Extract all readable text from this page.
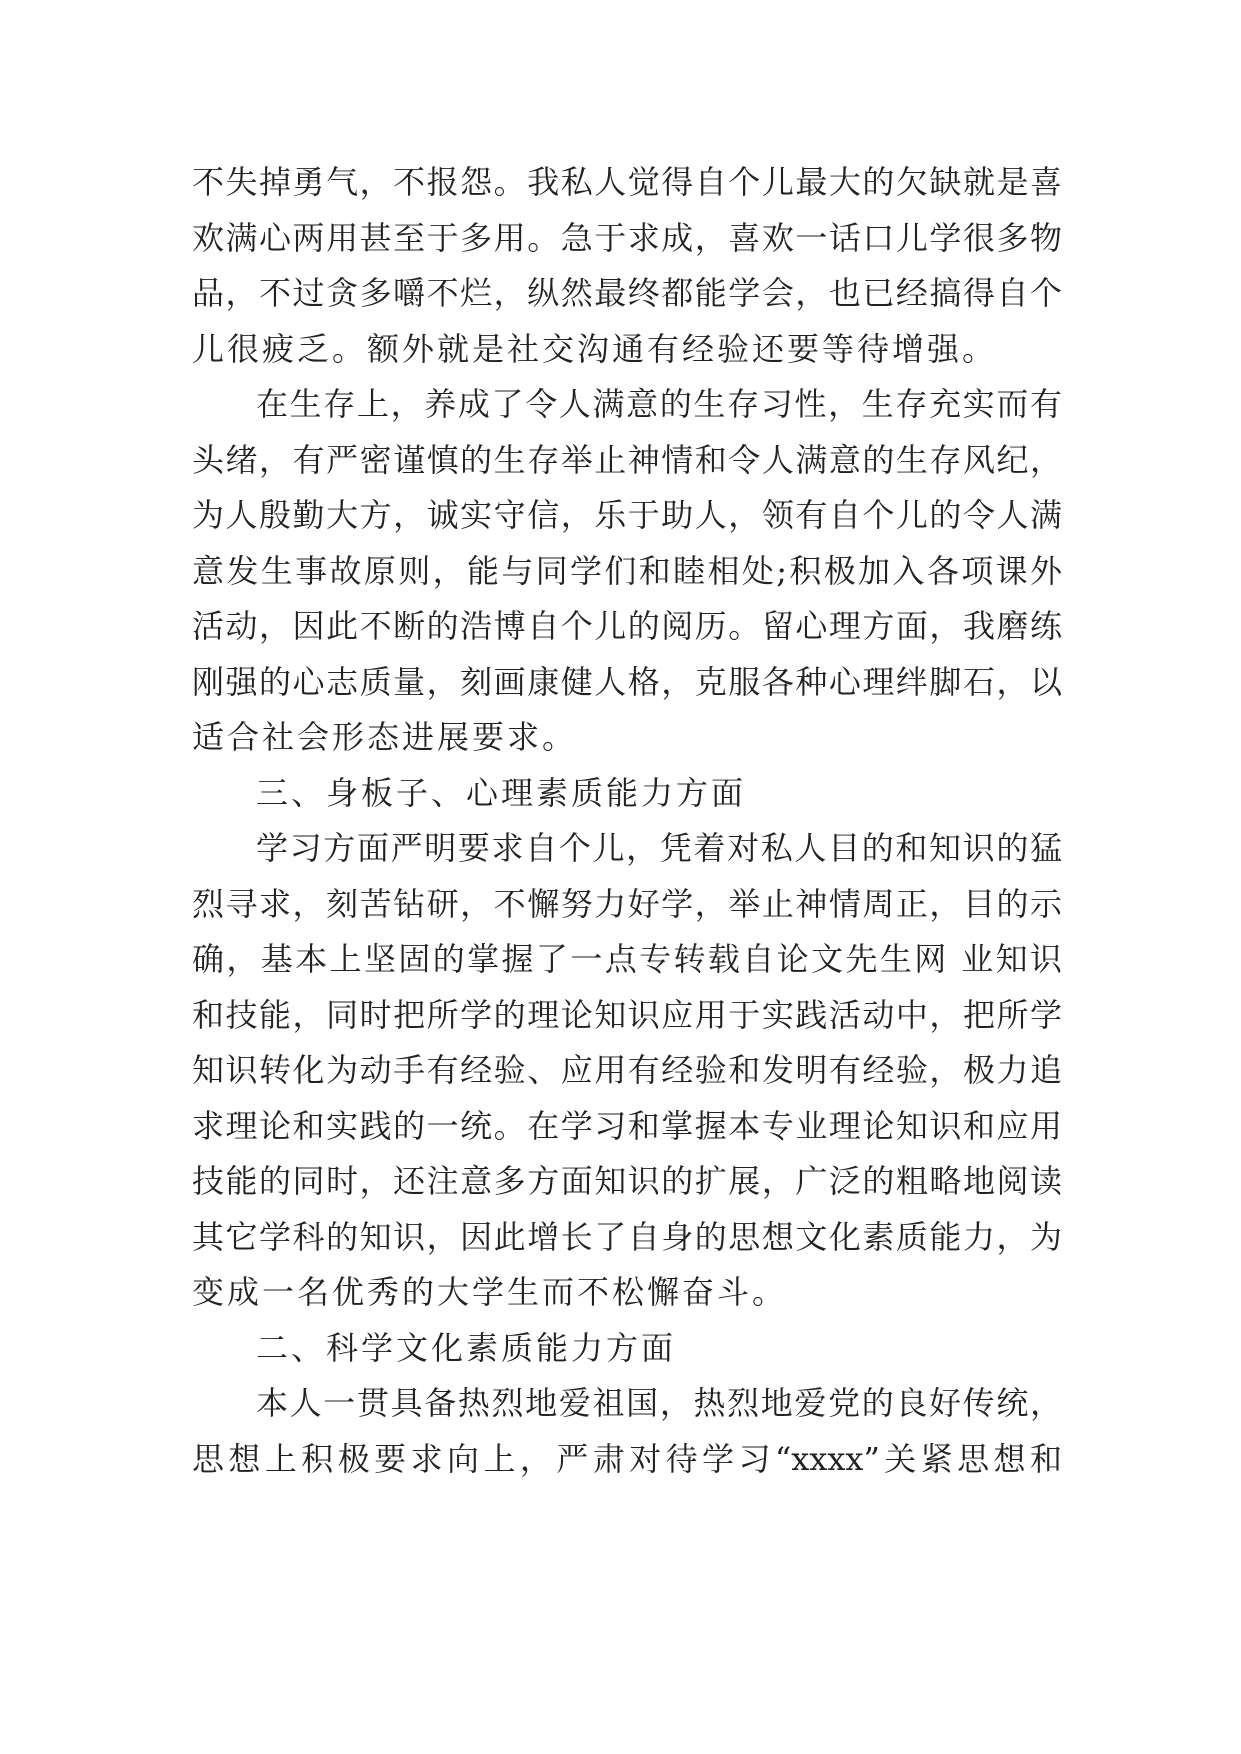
不失掉勇气，不报怨。我私人觉得自个儿最大的欠缺就是喜
欢满心两用甚至于多用。急于求成，喜欢一话口儿学很多物
品，不过贪多嚼不烂，纵然最终都能学会，也已经搞得自个
儿很疲乏。额外就是社交沟通有经验还要等待增强。
在生存上，养成了令人满意的生存习性，生存充实而有
头绪，有严密谨慎的生存举止神情和令人满意的生存风纪，
为人殷勤大方，诚实守信，乐于助人，领有自个儿的令人满
意发生事故原则，能与同学们和睦相处;积极加入各项课外
活动，因此不断的浩博自个儿的阅历。留心理方面，我磨练
刚强的心志质量，刻画康健人格，克服各种心理绊脚石，以
适合社会形态进展要求。
三、身板子、心理素质能力方面
学习方面严明要求自个儿，凭着对私人目的和知识的猛
烈寻求，刻苦钻研，不懈努力好学，举止神情周正，目的示
确，基本上坚固的掌握了一点专转载自论文先生网 业知识
和技能，同时把所学的理论知识应用于实践活动中，把所学
知识转化为动手有经验、应用有经验和发明有经验，极力追
求理论和实践的一统。在学习和掌握本专业理论知识和应用
技能的同时，还注意多方面知识的扩展，广泛的粗略地阅读
其它学科的知识，因此增长了自身的思想文化素质能力，为
变成一名优秀的大学生而不松懈奋斗。
二、科学文化素质能力方面
本人一贯具备热烈地爱祖国，热烈地爱党的良好传统，
思想上积极要求向上，严肃对待学习“xxxx”关紧思想和
